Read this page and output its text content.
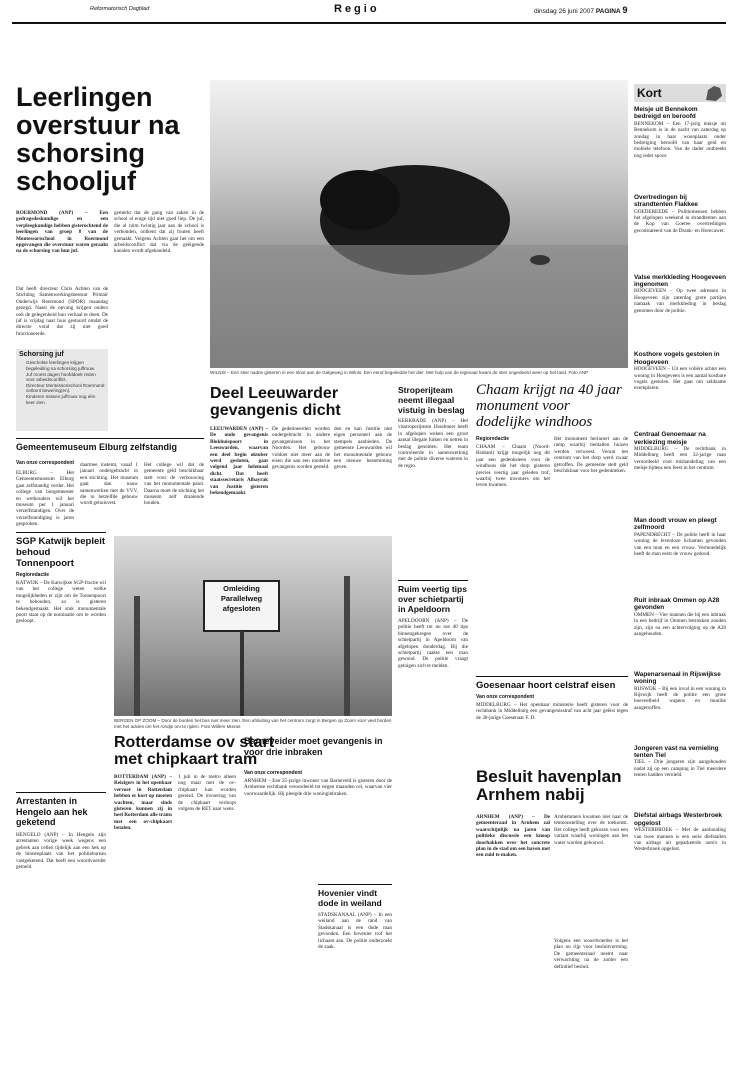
Reformatorisch Dagblad	Regio	dinsdag 26 juni 2007 PAGINA 9
Leerlingen overstuur na schorsing schooljuf
ROERMOND (ANP) – Een gedragsdeskundige en een verpleegkundige hebben gisterochtend de leerlingen van groep 8 van de Montessorischool in Roermond opgevangen die overstuur waren geraakt na de schorsing van hun juf.
Dat heeft directeur Chris Achten van de Stichting Samenwerkingsbestuur Primair Onderwijs Roermond (SPOR) maandag gezegd. Naast de opvang krijgen ouders ook de gelegenheid hun verhaal te doen. De juf is vrijdag naar huis gestuurd omdat de directie vond dat zij niet goed functioneerde.
gemerkt dat de gang van zaken in de school al enige tijd niet goed liep. De juf, die al ruim twintig jaar aan de school is verbonden, ontkent dat zij fouten heeft gemaakt. Volgens Achten gaat het om een arbeidsconflict dat via de geëigende kanalen wordt afgehandeld.
Schorsing juf
• Geschokte leerlingen krijgen begeleiding na schorsing juffrouw.
• Juf moest dagen hoofddoek reden voor arbeidsconflict.
• Directeur Montessorischool Roermond ontkent bewering(en).
• Kinderen missen juffrouw nog één keer zien.
WILNIS – Een stier nadrie gisteren in een sloot aan de Galgeweg in Wilnis. Een eend begeleidde het dier. Met hulp van de eigenaar kwam de stier ongedeerd weer op het land. Foto ANP
Kort
Meisje uit Bennekom bedreigd en beroofd
BENNEKOM – Een 17-jarig meisje uit Bennekom is in de nacht van zaterdag op zondag in haar woonplaats onder bedreiging beroofd van haar geld en mobiele telefoon. Van de dader ontbreekt nog ieder spoor.
Overtredingen bij strandtenten Flakkee
GOEDEREEDE – Politiemensen hebben het afgelopen weekend in strandtenten aan de Kop van Goeree overtredingen geconstateerd van de Drank- en Horecawet.
Valse merkkleding Hoogeveen ingenomen
HOOGEVEEN – Op twee adressen in Hoogeveen zijn zaterdag grote partijen namaak van merkkleding in beslag genomen door de politie.
Kosthore vogels gestolen in Hoogeveen
HOOGEVEEN – Uit een volière achter een woning in Hoogeveen is een aantal kostbare vogels gestolen. Het gaat om zeldzame exemplaren.
Centraal Genoemaar na verkiezing meisje
MIDDELBURG – De rechtbank in Middelburg heeft een 32-jarige man veroordeeld voor mishandeling van een meisje tijdens een feest in het centrum.
Man doodt vrouw en pleegt zelfmoord
PAPENDRECHT – De politie heeft in haar woning de levenloze lichamen gevonden van een man en een vrouw. Vermoedelijk heeft de man eerst de vrouw gedood.
Ruit inbraak Ommen op A28 gevonden
OMMEN – Vier mannen die bij een inbraak in een bedrijf in Ommen betrokken zouden zijn, zijn na een achtervolging op de A28 aangehouden.
Wapenarsenaal in Rijswijkse woning
RIJSWIJK – Bij een inval in een woning in Rijswijk heeft de politie een grote hoeveelheid wapens en munitie aangetroffen.
Jongeren vast na vernieling tenten Tiel
TIEL – Drie jongeren zijn aangehouden nadat zij op een camping in Tiel meerdere tenten hadden vernield.
Diefstal airbags Westerbroek opgelost
WESTERBROEK – Met de aanhouding van twee mannen is een serie diefstallen van airbags uit geparkeerde auto's in Westerbroek opgelost.
Gemeentemuseum Elburg zelfstandig
Van onze correspondent
ELBURG – Het Gemeentemuseum Elburg gaat zelfstandig verder. Het college van burgemeester en wethouders wil het museum per 1 januari verzelfstandigen. Over de verzelfstandiging is jaren gesproken.
daarmee instemt, vanaf 1 januari ondergebracht in een stichting. Het museum gaat dan nauw samenwerken met de VVV, die in hetzelfde gebouw wordt gehuisvest.
Het college wil dat de gemeente geld beschikbaar stelt voor de verbouwing van het monumentale pand. Daarna moet de stichting het museum zelf draaiende houden.
SGP Katwijk bepleit behoud Tonnenpoort
Regioredactie
KATWIJK – De Katwijkse SGP-fractie wil van het college weten welke mogelijkheden er zijn om de Tonnenpoort te behouden, zo is gisteren bekendgemaakt. Het stuk monumentale poort staat op de nominatie om te worden gesloopt.
Deel Leeuwarder gevangenis dicht
LEEUWARDEN (ANP) – De oude gevangenis Blokhuispoort in Leeuwarden, waarvan een deel begin oktober werd gesloten, gaat volgend jaar helemaal dicht. Dat heeft staatssecretaris Albayrak van Justitie gisteren bekendgemaakt.
De gedetineerden worden ondergebracht in andere gevangenissen in het Noorden. Het gebouw voldoet niet meer aan de eisen die aan een moderne gevangenis worden gesteld.
den en kan Justitie niet eigen personeel aan de stempels aanbieden. De gemeente Leeuwarden wil het monumentale gebouw een nieuwe bestemming geven.
Stroperijteam neemt illegaal vistuig in beslag
KERKRADE (ANP) – Het visstroperijteam IJsselmeer heeft in afgelopen weken een groot aantal illegale fuiken en netten in beslag genomen. Het team controleerde in samenwerking met de politie diverse wateren in de regio.
Chaam krijgt na 40 jaar monument voor dodelijke windhoos
Regioredactie
CHAAM – Chaam (Noord-Brabant) krijgt mogelijk nog dit jaar een gedenksteen voor de windhoos die het dorp gisteren precies veertig jaar geleden trof, waarbij twee inwoners om het leven kwamen.
Het monument herinnert aan de ramp waarbij tientallen huizen werden verwoest. Vooral het centrum van het dorp werd zwaar getroffen. De gemeente stelt geld beschikbaar voor het gedenkteken.
Ruim veertig tips over schietpartij in Apeldoorn
APELDOORN (ANP) – De politie heeft tot nu toe 40 tips binnengekregen over de schietpartij in Apeldoorn van afgelopen donderdag. Bij die schietpartij raakte een man gewond. De politie vraagt getuigen zich te melden.
Omleiding
Parallelweg
afgesloten
BERGEN OP ZOOM – Door de borden het bos niet meer zien. Een afsluiting van het centrum zorgt in Bergen op Zoom voor veel borden met het advies om het rondje om te rijden. Foto Willem Mieras
Arrestanten in Hengelo aan hek geketend
HENGELO (ANP) – In Hengelo zijn arrestanten vorige week wegens een gebrek aan cellen tijdelijk aan een hek op de binnenplaats van het politiebureau vastgeketend. Dat heeft een woordvoerder gemeld.
Rotterdamse ov start met chipkaart tram
ROTTERDAM (ANP) – Reizigers in het openbaar vervoer in Rotterdam hebben er kort op moeten wachten, maar sinds gisteren kunnen zij in heel Rotterdam alle trams met een ov-chipkaart betalen.
1 juli in de metro alleen nog maar met de ov-chipkaart kan worden gereisd. De invoering van de chipkaart verloopt volgens de RET naar wens.
Barneveider moet gevangenis in voor drie inbraken
Van onze correspondent
ARNHEM – Een 25-jarige inwoner van Barneveld is gisteren door de Arnhemse rechtbank veroordeeld tot negen maanden cel, waarvan vier voorwaardelijk. Hij pleegde drie woninginbraken.
Hovenier vindt dode in weiland
STADSKANAAL (ANP) – In een weiland aan de rand van Stadskanaal is een dode man gevonden. Een hovenier trof het lichaam aan. De politie onderzoekt de zaak.
Goesenaar hoort celstraf eisen
Van onze correspondent
MIDDELBURG – Het openbaar ministerie heeft gisteren voor de rechtbank in Middelburg een gevangenisstraf van acht jaar geëist tegen de 30-jarige Goesenaar F. D.
Besluit havenplan Arnhem nabij
ARNHEM (ANP) – De gemeenteraad in Arnhem zal waarschijnlijk na jaren van politieke discussie een knoop doorhakken over het concrete plan in de stad om een haven met een zuid te maken.
Arnhemmers kwamen niet naar de tentoonstelling over de toekomst. Het college heeft gekozen voor een variant waarbij woningen aan het water worden gebouwd.
Volgens een woordvoerder is het plan nu rijp voor besluitvorming. De gemeenteraad neemt naar verwachting na de zomer een definitief besluit.
